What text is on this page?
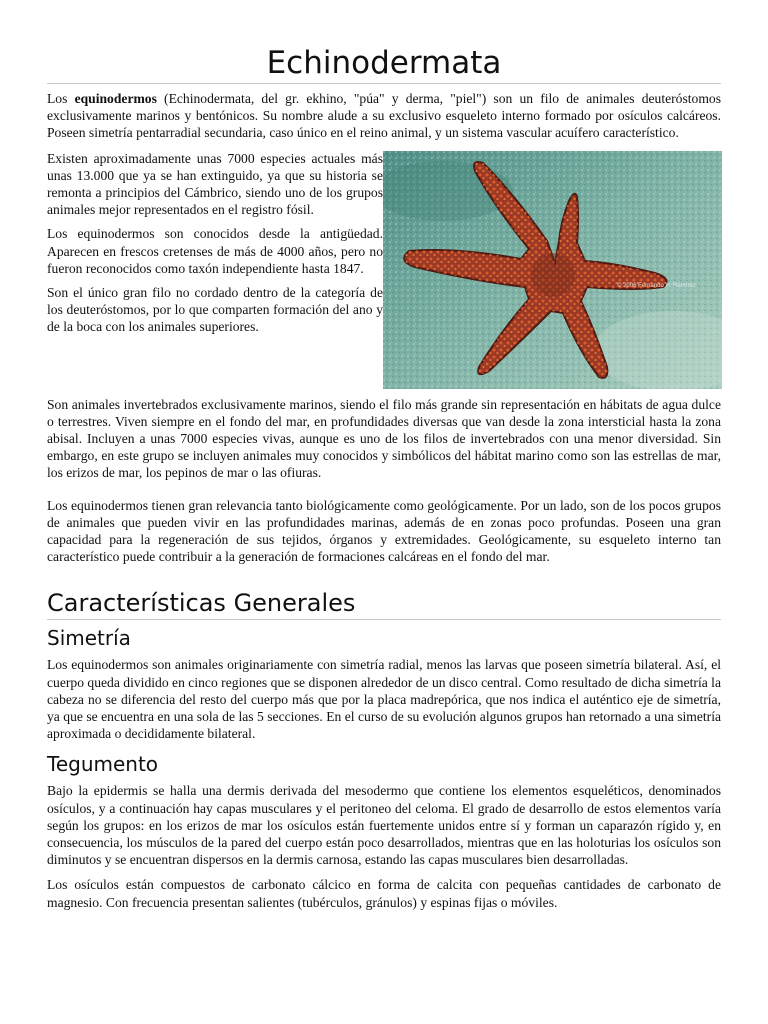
Echinodermata

Los equinodermos (Echinodermata, del gr. ekhino, "púa" y derma, "piel") son un filo de animales deuteróstomos exclusivamente marinos y bentónicos. Su nombre alude a su exclusivo esqueleto interno formado por osículos calcáreos. Poseen simetría pentarradial secundaria, caso único en el reino animal, y un sistema vascular acuífero característico.

Existen aproximadamente unas 7000 especies actuales más unas 13.000 que ya se han extinguido, ya que su historia se remonta a principios del Cámbrico, siendo uno de los grupos animales mejor representados en el registro fósil.

Los equinodermos son conocidos desde la antigüedad. Aparecen en frescos cretenses de más de 4000 años, pero no fueron reconocidos como taxón independiente hasta 1847.

Son el único gran filo no cordado dentro de la categoría de los deuteróstomos, por lo que comparten formación del ano y de la boca con los animales superiores.

© 2006 Fernando H. Ramírez

Son animales invertebrados exclusivamente marinos, siendo el filo más grande sin representación en hábitats de agua dulce o terrestres. Viven siempre en el fondo del mar, en profundidades diversas que van desde la zona intersticial hasta la zona abisal. Incluyen a unas 7000 especies vivas, aunque es uno de los filos de invertebrados con una menor diversidad. Sin embargo, en este grupo se incluyen animales muy conocidos y simbólicos del hábitat marino como son las estrellas de mar, los erizos de mar, los pepinos de mar o las ofiuras.

Los equinodermos tienen gran relevancia tanto biológicamente como geológicamente. Por un lado, son de los pocos grupos de animales que pueden vivir en las profundidades marinas, además de en zonas poco profundas. Poseen una gran capacidad para la regeneración de sus tejidos, órganos y extremidades. Geológicamente, su esqueleto interno tan característico puede contribuir a la generación de formaciones calcáreas en el fondo del mar.

Características Generales
Simetría

Los equinodermos son animales originariamente con simetría radial, menos las larvas que poseen simetría bilateral. Así, el cuerpo queda dividido en cinco regiones que se disponen alrededor de un disco central. Como resultado de dicha simetría la cabeza no se diferencia del resto del cuerpo más que por la placa madrepórica, que nos indica el auténtico eje de simetría, ya que se encuentra en una sola de las 5 secciones. En el curso de su evolución algunos grupos han retornado a una simetría aproximada o decididamente bilateral.

Tegumento

Bajo la epidermis se halla una dermis derivada del mesodermo que contiene los elementos esqueléticos, denominados osículos, y a continuación hay capas musculares y el peritoneo del celoma. El grado de desarrollo de estos elementos varía según los grupos: en los erizos de mar los osículos están fuertemente unidos entre sí y forman un caparazón rígido y, en consecuencia, los músculos de la pared del cuerpo están poco desarrollados, mientras que en las holoturias los osículos son diminutos y se encuentran dispersos en la dermis carnosa, estando las capas musculares bien desarrolladas.

Los osículos están compuestos de carbonato cálcico en forma de calcita con pequeñas cantidades de carbonato de magnesio. Con frecuencia presentan salientes (tubérculos, gránulos) y espinas fijas o móviles.
